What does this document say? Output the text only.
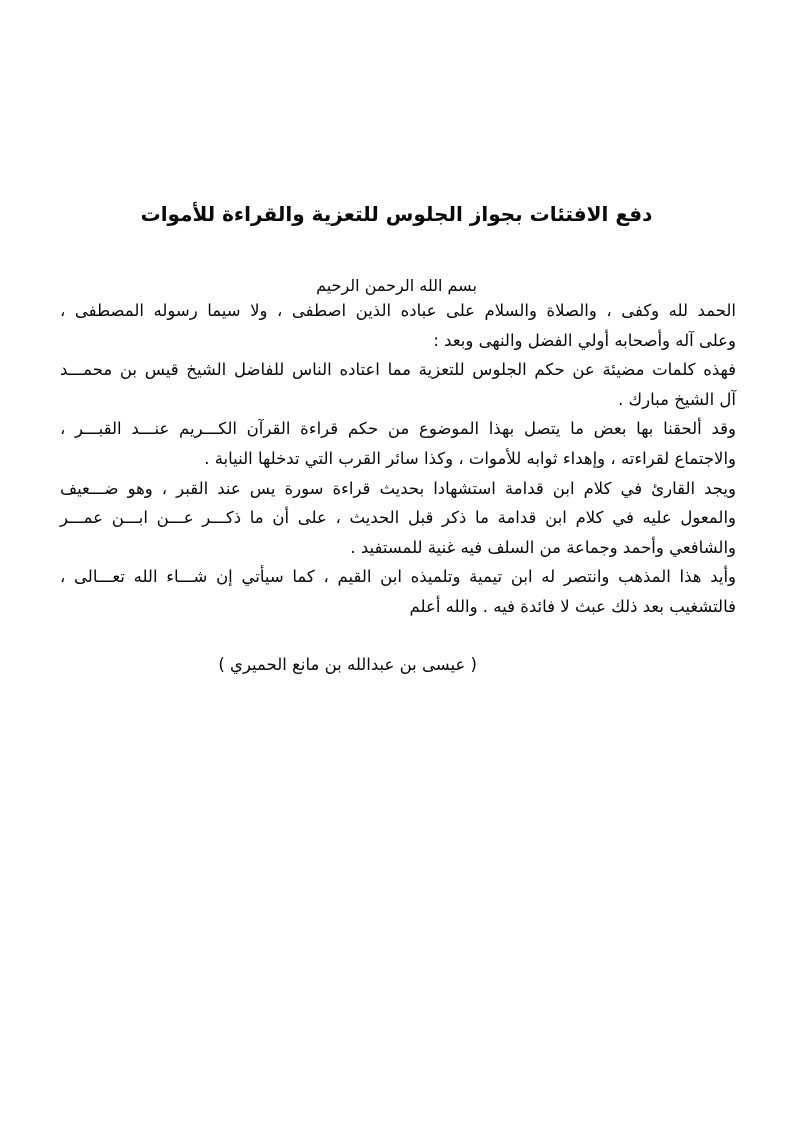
دفع الافتئات بجواز الجلوس للتعزية والقراءة للأموات
بسم الله الرحمن الرحيم
الحمد لله وكفى ، والصلاة والسلام على عباده الذين اصطفى ، ولا سيما رسوله المصطفى ،
وعلى آله وأصحابه أولي الفضل والنهى وبعد :
فهذه كلمات مضيئة عن حكم الجلوس للتعزية مما اعتاده الناس للفاضل الشيخ قيس بن محمـــد
آل الشيخ مبارك .
وقد ألحقنا بها بعض ما يتصل بهذا الموضوع من حكم قراءة القرآن الكـــريم عنـــد القبـــر ،
والاجتماع لقراءته ، وإهداء ثوابه للأموات ، وكذا سائر القرب التي تدخلها النيابة .
ويجد القارئ في كلام ابن قدامة استشهادا بحديث قراءة سورة يس عند القبر ، وهو ضـــعيف
والمعول عليه في كلام ابن قدامة ما ذكر قبل الحديث ، على أن ما ذكـــر عـــن ابـــن عمـــر
والشافعي وأحمد وجماعة من السلف فيه غنية للمستفيد .
وأيد هذا المذهب وانتصر له ابن تيمية وتلميذه ابن القيم ، كما سيأتي إن شـــاء الله تعـــالى ،
فالتشغيب بعد ذلك عبث لا فائدة فيه . والله أعلم
( عيسى بن عبدالله بن مانع الحميري )
